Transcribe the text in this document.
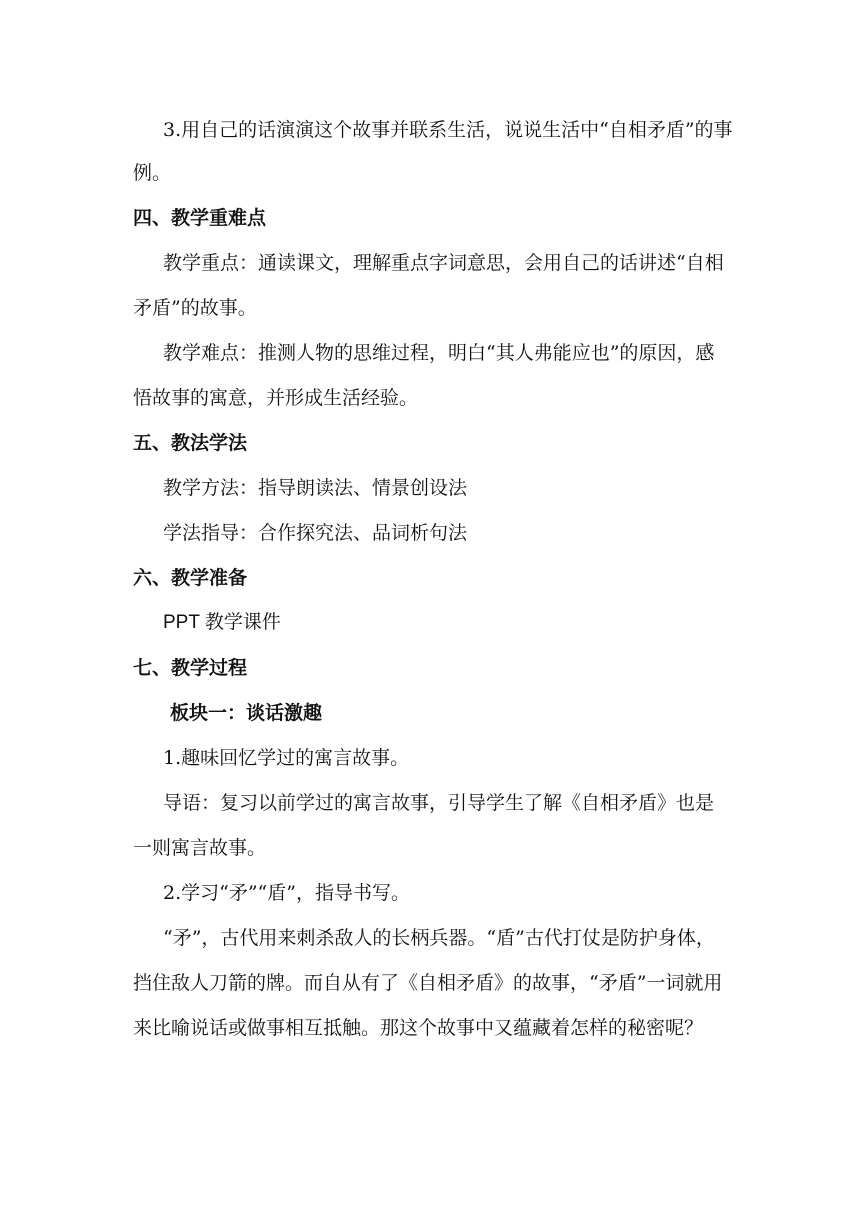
3.用自己的话演演这个故事并联系生活，说说生活中“自相矛盾”的事
例。
四、教学重难点
教学重点：通读课文，理解重点字词意思，会用自己的话讲述“自相
矛盾”的故事。
教学难点：推测人物的思维过程，明白“其人弗能应也”的原因，感
悟故事的寓意，并形成生活经验。
五、教法学法
教学方法：指导朗读法、情景创设法
学法指导：合作探究法、品词析句法
六、教学准备
PPT 教学课件
七、教学过程
板块一：谈话激趣
1.趣味回忆学过的寓言故事。
导语：复习以前学过的寓言故事，引导学生了解《自相矛盾》也是
一则寓言故事。
2.学习“矛”“盾”，指导书写。
“矛”，古代用来刺杀敌人的长柄兵器。“盾”古代打仗是防护身体，
挡住敌人刀箭的牌。而自从有了《自相矛盾》的故事，“矛盾”一词就用
来比喻说话或做事相互抵触。那这个故事中又蕴藏着怎样的秘密呢？
